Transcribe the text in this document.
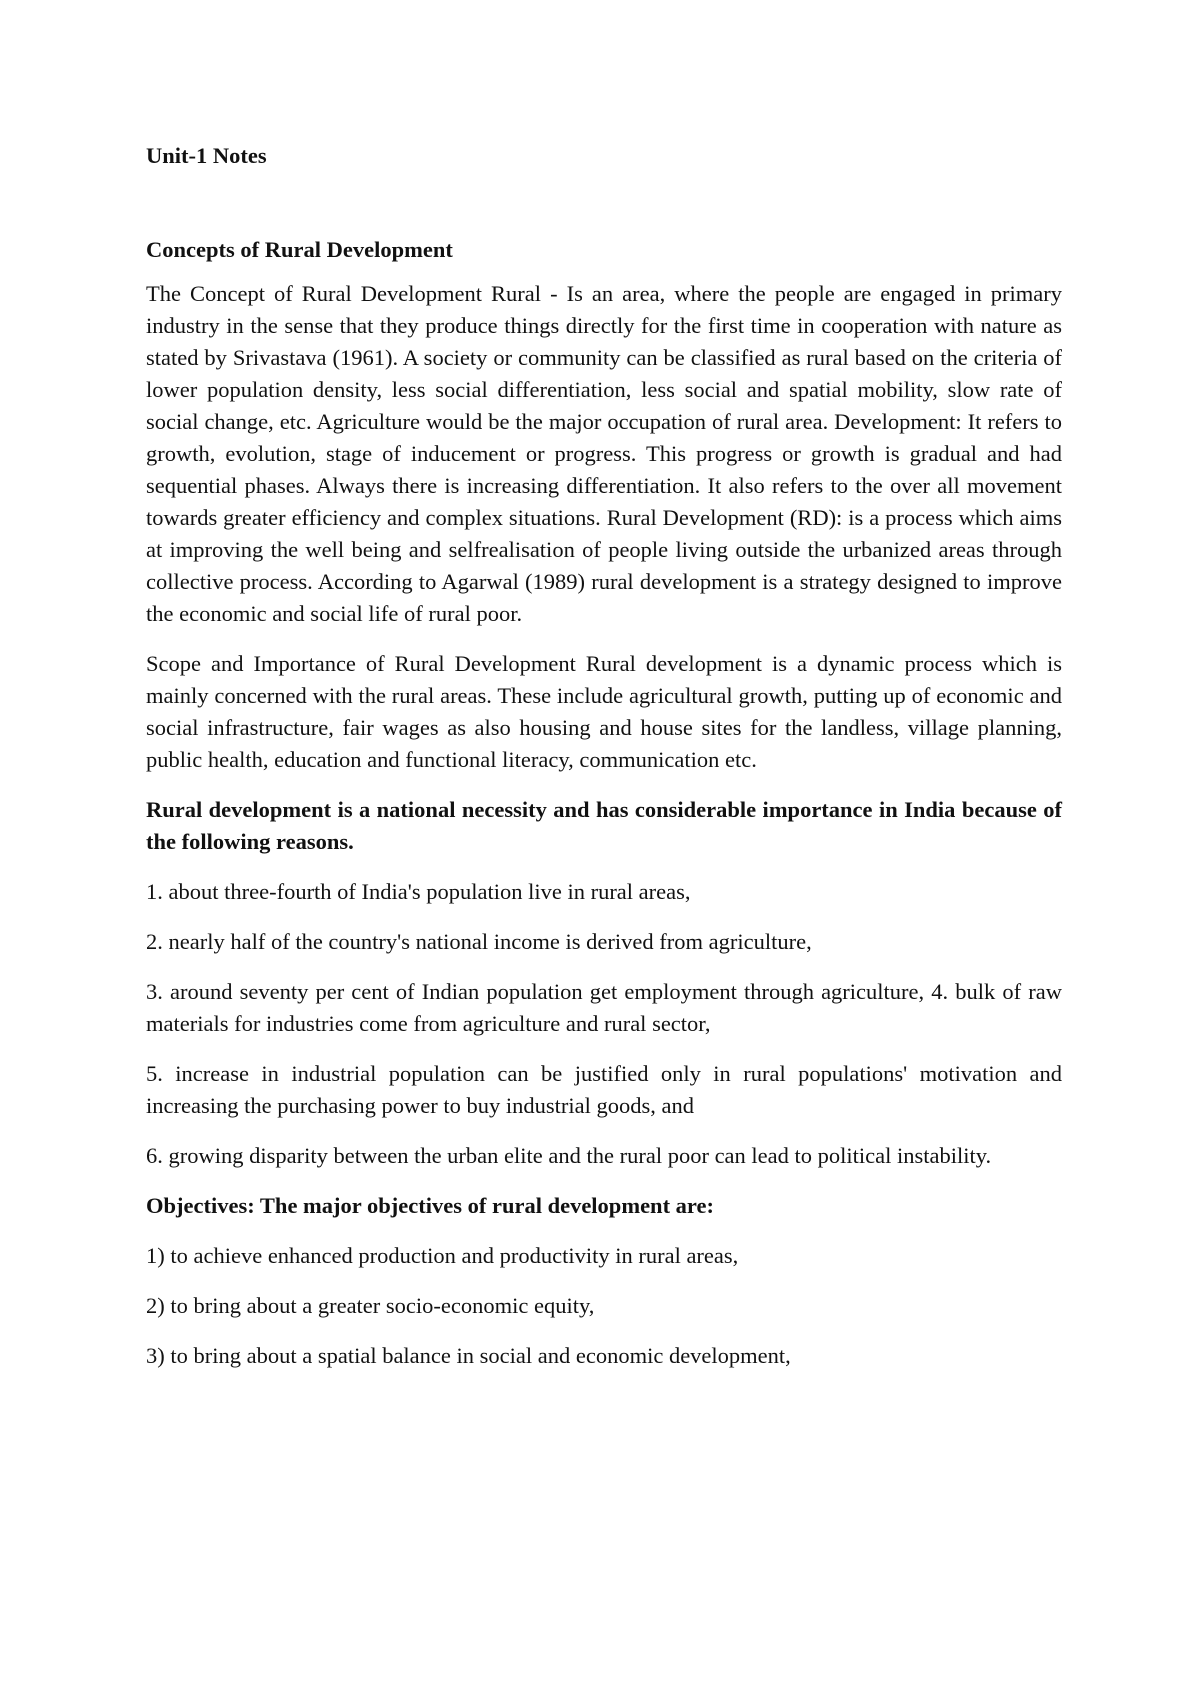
Unit-1 Notes

Concepts of Rural Development

The Concept of Rural Development Rural - Is an area, where the people are engaged in primary industry in the sense that they produce things directly for the first time in cooperation with nature as stated by Srivastava (1961). A society or community can be classified as rural based on the criteria of lower population density, less social differentiation, less social and spatial mobility, slow rate of social change, etc. Agriculture would be the major occupation of rural area. Development: It refers to growth, evolution, stage of inducement or progress. This progress or growth is gradual and had sequential phases. Always there is increasing differentiation. It also refers to the over all movement towards greater efficiency and complex situations. Rural Development (RD): is a process which aims at improving the well being and selfrealisation of people living outside the urbanized areas through collective process. According to Agarwal (1989) rural development is a strategy designed to improve the economic and social life of rural poor.

Scope and Importance of Rural Development Rural development is a dynamic process which is mainly concerned with the rural areas. These include agricultural growth, putting up of economic and social infrastructure, fair wages as also housing and house sites for the landless, village planning, public health, education and functional literacy, communication etc.

Rural development is a national necessity and has considerable importance in India because of the following reasons.

1. about three-fourth of India's population live in rural areas,

2. nearly half of the country's national income is derived from agriculture,

3. around seventy per cent of Indian population get employment through agriculture, 4. bulk of raw materials for industries come from agriculture and rural sector,

5. increase in industrial population can be justified only in rural populations' motivation and increasing the purchasing power to buy industrial goods, and

6. growing disparity between the urban elite and the rural poor can lead to political instability.

Objectives: The major objectives of rural development are:

1) to achieve enhanced production and productivity in rural areas,

2) to bring about a greater socio-economic equity,

3) to bring about a spatial balance in social and economic development,
